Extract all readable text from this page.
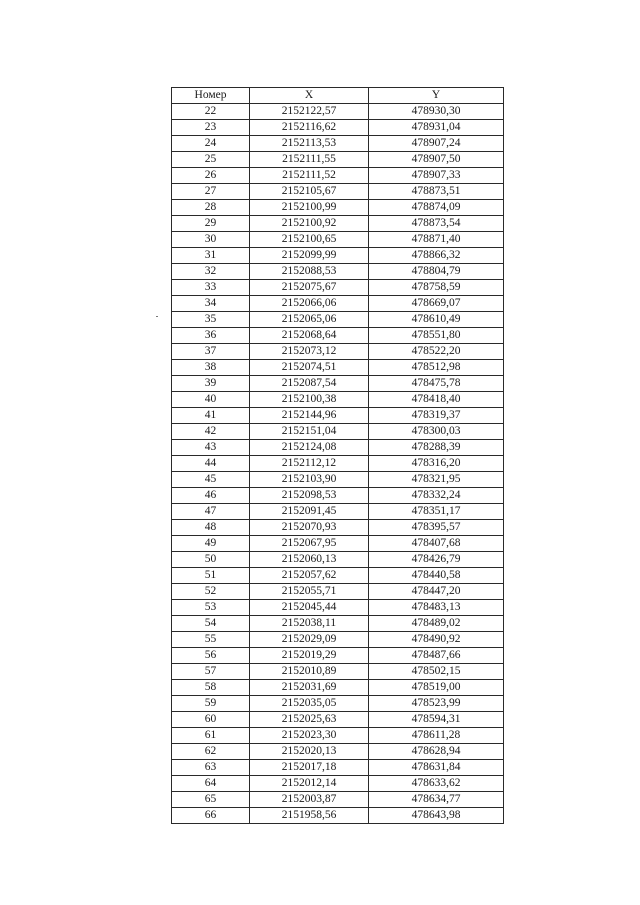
Номер	X	Y
22	2152122,57	478930,30
23	2152116,62	478931,04
24	2152113,53	478907,24
25	2152111,55	478907,50
26	2152111,52	478907,33
27	2152105,67	478873,51
28	2152100,99	478874,09
29	2152100,92	478873,54
30	2152100,65	478871,40
31	2152099,99	478866,32
32	2152088,53	478804,79
33	2152075,67	478758,59
34	2152066,06	478669,07
35	2152065,06	478610,49
36	2152068,64	478551,80
37	2152073,12	478522,20
38	2152074,51	478512,98
39	2152087,54	478475,78
40	2152100,38	478418,40
41	2152144,96	478319,37
42	2152151,04	478300,03
43	2152124,08	478288,39
44	2152112,12	478316,20
45	2152103,90	478321,95
46	2152098,53	478332,24
47	2152091,45	478351,17
48	2152070,93	478395,57
49	2152067,95	478407,68
50	2152060,13	478426,79
51	2152057,62	478440,58
52	2152055,71	478447,20
53	2152045,44	478483,13
54	2152038,11	478489,02
55	2152029,09	478490,92
56	2152019,29	478487,66
57	2152010,89	478502,15
58	2152031,69	478519,00
59	2152035,05	478523,99
60	2152025,63	478594,31
61	2152023,30	478611,28
62	2152020,13	478628,94
63	2152017,18	478631,84
64	2152012,14	478633,62
65	2152003,87	478634,77
66	2151958,56	478643,98
